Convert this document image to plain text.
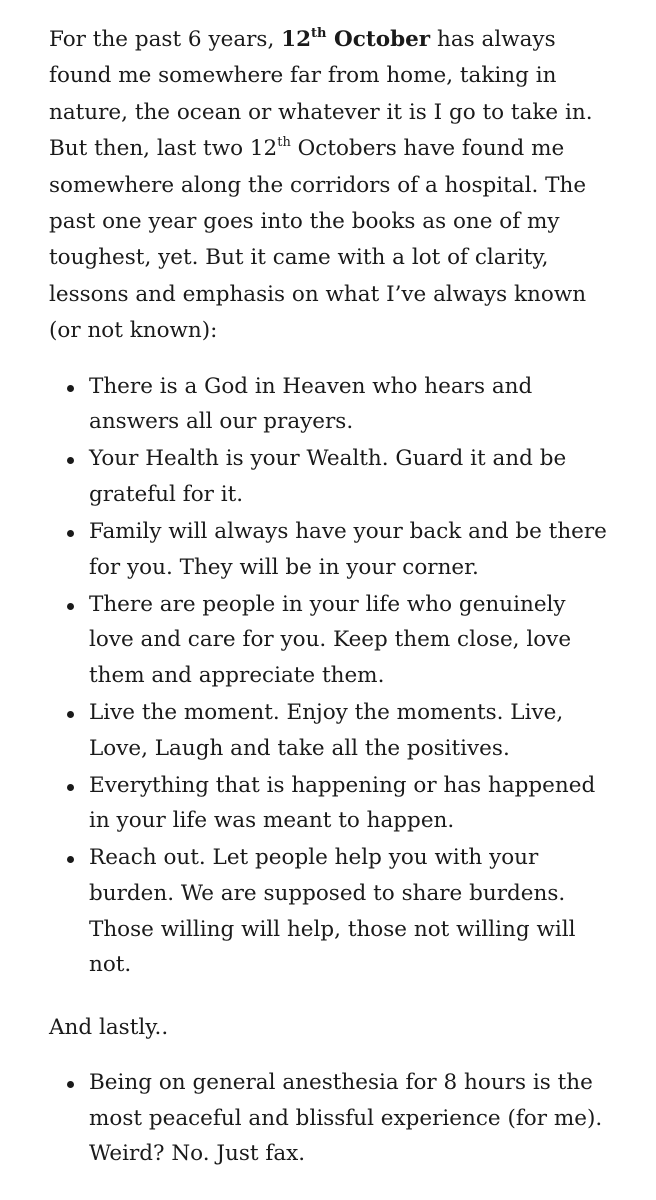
For the past 6 years, 12th October has always found me somewhere far from home, taking in nature, the ocean or whatever it is I go to take in. But then, last two 12th Octobers have found me somewhere along the corridors of a hospital. The past one year goes into the books as one of my toughest, yet. But it came with a lot of clarity, lessons and emphasis on what I’ve always known (or not known):

There is a God in Heaven who hears and answers all our prayers.
Your Health is your Wealth. Guard it and be grateful for it.
Family will always have your back and be there for you. They will be in your corner.
There are people in your life who genuinely love and care for you. Keep them close, love them and appreciate them.
Live the moment. Enjoy the moments. Live, Love, Laugh and take all the positives.
Everything that is happening or has happened in your life was meant to happen.
Reach out. Let people help you with your burden. We are supposed to share burdens. Those willing will help, those not willing will not.

And lastly..

Being on general anesthesia for 8 hours is the most peaceful and blissful experience (for me). Weird? No. Just fax.
